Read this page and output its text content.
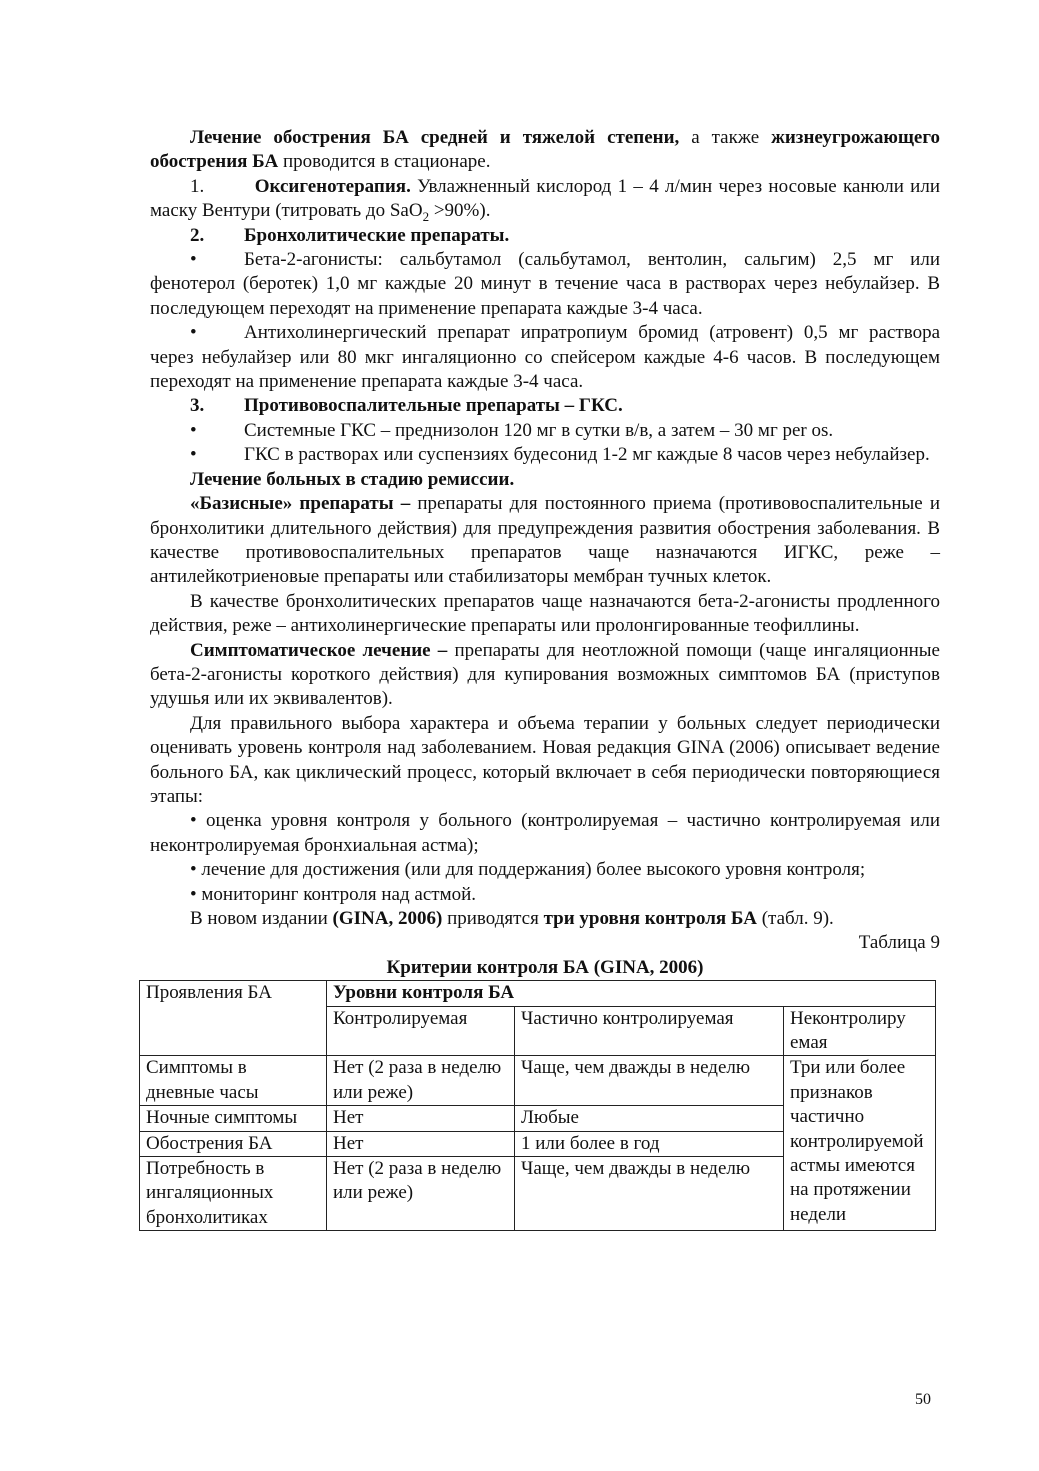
Лечение обострения БА средней и тяжелой степени, а также жизнеугрожающего обострения БА проводится в стационаре.

1.	Оксигенотерапия. Увлажненный кислород 1 – 4 л/мин через носовые канюли или маску Вентури (титровать до SaO$_2$ >90%).

2.	Бронхолитические препараты.

• Бета-2-агонисты: сальбутамол (сальбутамол, вентолин, сальгим) 2,5 мг или фенотерол (беротек) 1,0 мг каждые 20 минут в течение часа в растворах через небулайзер. В последующем переходят на применение препарата каждые 3-4 часа.

• Антихолинергический препарат ипратропиум бромид (атровент) 0,5 мг раствора через небулайзер или 80 мкг ингаляционно со спейсером каждые 4-6 часов. В последующем переходят на применение препарата каждые 3-4 часа.

3.	Противовоспалительные препараты – ГКС.

• Системные ГКС – преднизолон 120 мг в сутки в/в, а затем – 30 мг per os.

• ГКС в растворах или суспензиях будесонид 1-2 мг каждые 8 часов через небулайзер.

Лечение больных в стадию ремиссии.

«Базисные» препараты – препараты для постоянного приема (противовоспалительные и бронхолитики длительного действия) для предупреждения развития обострения заболевания. В качестве противовоспалительных препаратов чаще назначаются ИГКС, реже – антилейкотриеновые препараты или стабилизаторы мембран тучных клеток.

В качестве бронхолитических препаратов чаще назначаются бета-2-агонисты продленного действия, реже – антихолинергические препараты или пролонгированные теофиллины.

Симптоматическое лечение – препараты для неотложной помощи (чаще ингаляционные бета-2-агонисты короткого действия) для купирования возможных симптомов БА (приступов удушья или их эквивалентов).

Для правильного выбора характера и объема терапии у больных следует периодически оценивать уровень контроля над заболеванием. Новая редакция GINA (2006) описывает ведение больного БА, как циклический процесс, который включает в себя периодически повторяющиеся этапы:

• оценка уровня контроля у больного (контролируемая – частично контролируемая или неконтролируемая бронхиальная астма);

• лечение для достижения (или для поддержания) более высокого уровня контроля;

• мониторинг контроля над астмой.

В новом издании (GINA, 2006) приводятся три уровня контроля БА (табл. 9).

Таблица 9

Критерии контроля БА (GINA, 2006)

Проявления БА	Уровни контроля БА		
	Контролируемая	Частично контролируемая	Неконтролиру емая
Симптомы в дневные часы	Нет (2 раза в неделю или реже)	Чаще, чем дважды в неделю	Три или более признаков частично контролируемой астмы имеются на протяжении недели
Ночные симптомы	Нет	Любые	
Обострения БА	Нет	1 или более в год	
Потребность в ингаляционных бронхолитиках	Нет (2 раза в неделю или реже)	Чаще, чем дважды в неделю	
50
